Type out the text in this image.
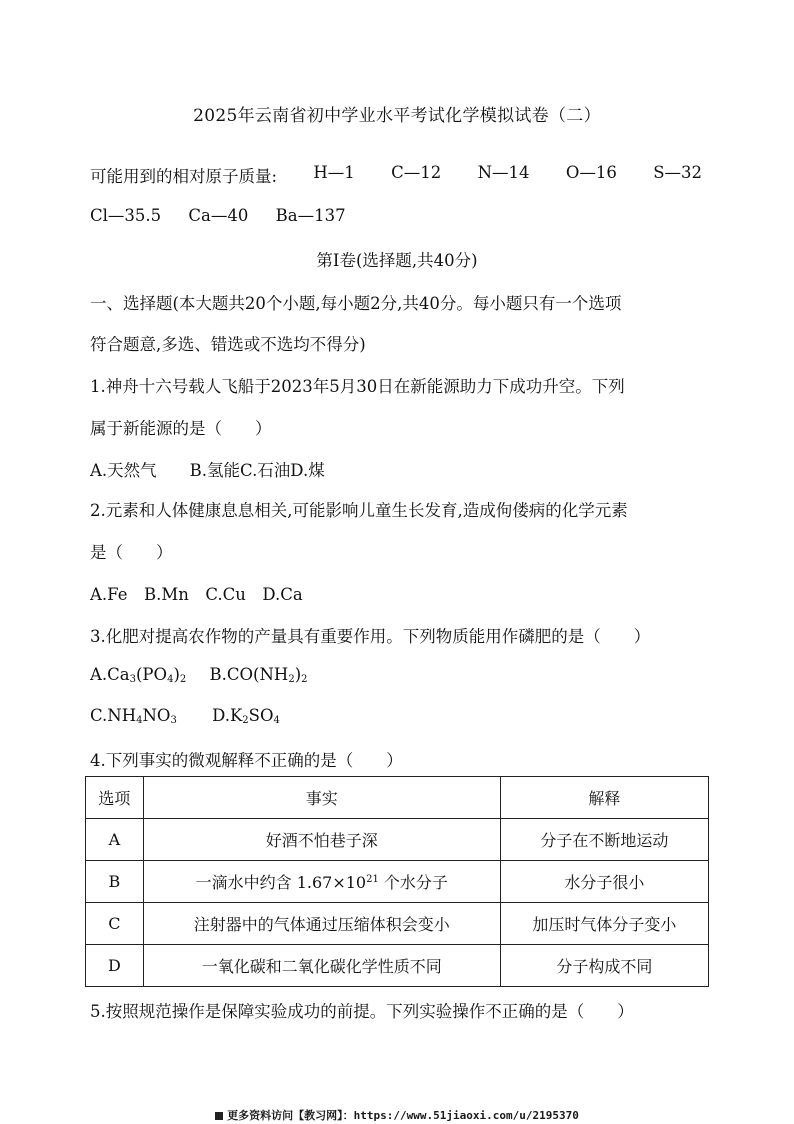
2025年云南省初中学业水平考试化学模拟试卷（二）
可能用到的相对原子质量: H—1 C—12 N—14 O—16 S—32
Cl—35.5 Ca—40 Ba—137
第Ⅰ卷(选择题,共40分)
一、选择题(本大题共20个小题,每小题2分,共40分。每小题只有一个选项
符合题意,多选、错选或不选均不得分)
1.神舟十六号载人飞船于2023年5月30日在新能源助力下成功升空。下列
属于新能源的是（　　）
A.天然气　　B.氢能C.石油D.煤
2.元素和人体健康息息相关,可能影响儿童生长发育,造成佝偻病的化学元素
是（　　）
A.Fe　B.Mn　C.Cu　D.Ca
3.化肥对提高农作物的产量具有重要作用。下列物质能用作磷肥的是（　　）
$A.Ca_3(PO_4)_2$ $B.CO(NH_2)_2$
$C.NH_4NO_3$ $D.K_2SO_4$
4.下列事实的微观解释不正确的是（　　）
选项	事实	解释
A	好酒不怕巷子深	分子在不断地运动
B	一滴水中约含 $1.67\times 10^{21}$ 个水分子	水分子很小
C	注射器中的气体通过压缩体积会变小	加压时气体分子变小
D	一氧化碳和二氧化碳化学性质不同	分子构成不同
5.按照规范操作是保障实验成功的前提。下列实验操作不正确的是（　　）
更多资料访问【教习网】：https://www.51jiaoxi.com/u/2195370
